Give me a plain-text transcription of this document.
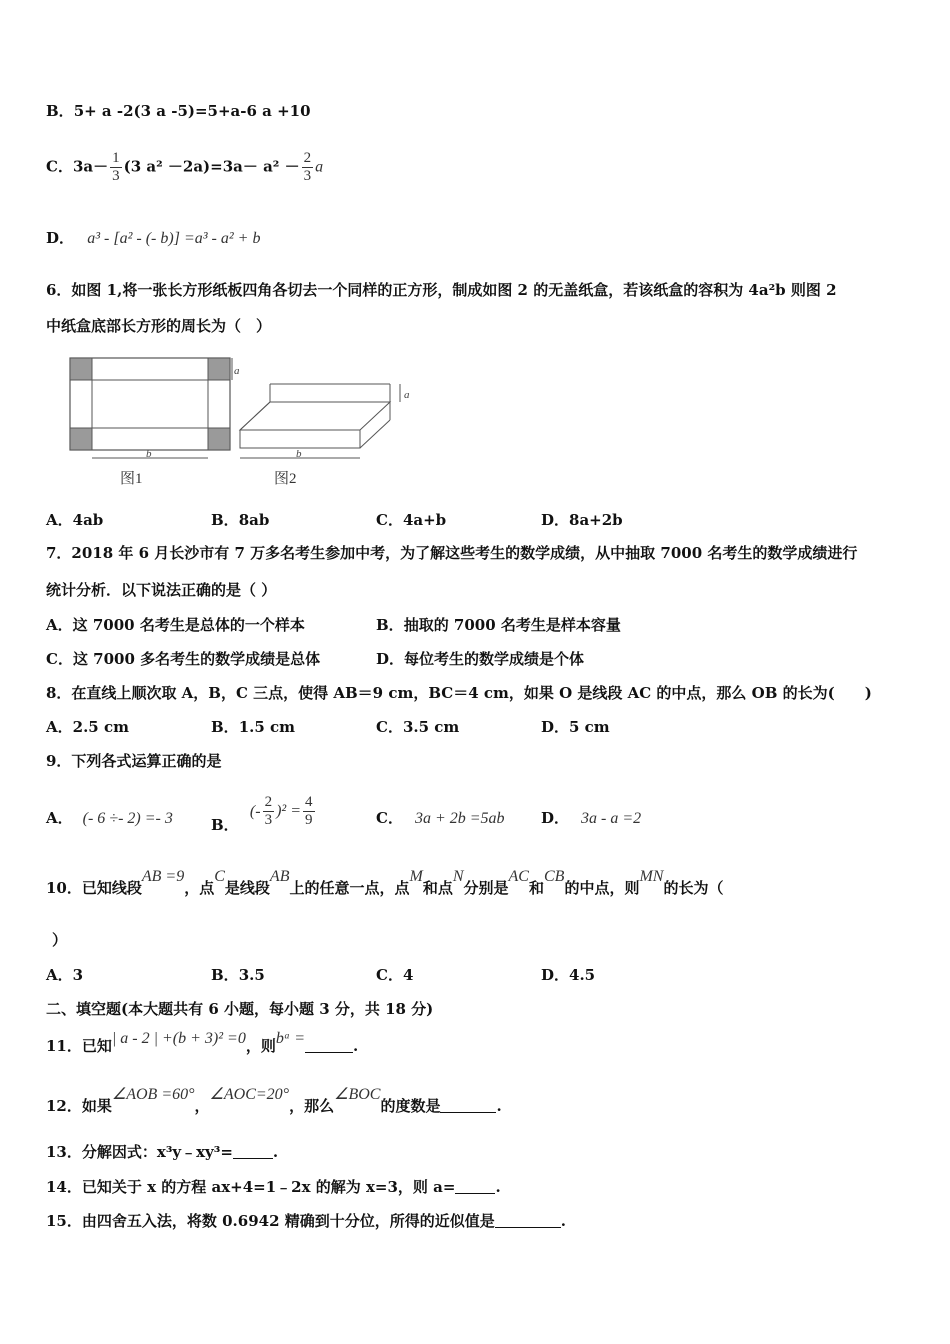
B．5+ a -2(3 a -5)=5+a-6 a +10
C．$3a- \frac{1}{3} (3$ $a^2 -2a)=3a- a^2 - \frac{2}{3}$ a
D． a³ - [a² - (- b)] =a³ - a² + b
6．如图 1,将一张长方形纸板四角各切去一个同样的正方形，制成如图 2 的无盖纸盒，若该纸盒的容积为 4a²b 则图 2
中纸盒底部长方形的周长为（　）
a
b
图1
a
b
图2
A．4ab	B．8ab	C．4a+b	D．8a+2b
7．2018 年 6 月长沙市有 7 万多名考生参加中考，为了解这些考生的数学成绩，从中抽取 7000 名考生的数学成绩进行
统计分析．以下说法正确的是（ ）
A．这 7000 名考生是总体的一个样本	B．抽取的 7000 名考生是样本容量
C．这 7000 多名考生的数学成绩是总体	D．每位考生的数学成绩是个体
8．在直线上顺次取 A，B，C 三点，使得 AB＝9 cm，BC＝4 cm，如果 O 是线段 AC 的中点，那么 OB 的长为(　　)
A．2.5 cm	B．1.5 cm	C．3.5 cm	D．5 cm
9．下列各式运算正确的是
A． (- 6 ÷- 2) =- 3	B． (- $\frac{2}{3} )^2 = \frac{4}{9}$	C． 3a + 2b =5ab D． 3a - a =2
10．已知线段AB =9，点C是线段AB上的任意一点，点M和点N分别是AC和CB的中点，则MN的长为（
）
A．3	B．3.5	C．4	D．4.5
二、填空题(本大题共有 6 小题，每小题 3 分，共 18 分)
11．已知| a - 2 | +(b + 3)² =0，则bᵃ =	.
12．如果∠AOB =60°，∠AOC=20°，那么∠BOC的度数是	.
13．分解因式：x³y﹣xy³=	.
14．已知关于 x 的方程 ax+4=1﹣2x 的解为 x=3，则 a=	.
15．由四舍五入法，将数 0.6942 精确到十分位，所得的近似值是	.
